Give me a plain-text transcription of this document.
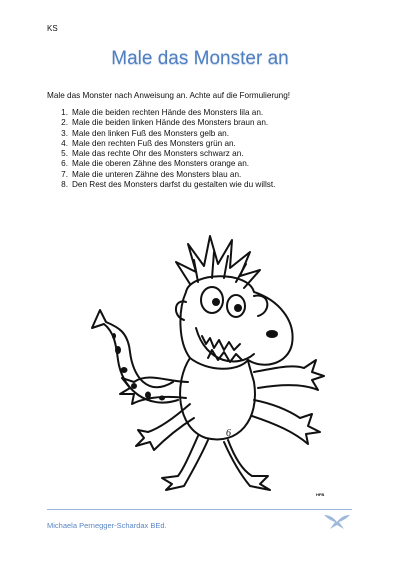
KS
Male das Monster an
Male das Monster nach Anweisung an. Achte auf die Formulierung!
1. Male die beiden rechten Hände des Monsters lila an.
2. Male die beiden linken Hände des Monsters braun an.
3. Male den linken Fuß des Monsters gelb an.
4. Male den rechten Fuß des Monsters grün an.
5. Male das rechte Ohr des Monsters schwarz an.
6. Male die oberen Zähne des Monsters orange an.
7. Male die unteren Zähne des Monsters blau an.
8. Den Rest des Monsters darfst du gestalten wie du willst.
6
HFB
Michaela Pernegger-Schardax BEd.
